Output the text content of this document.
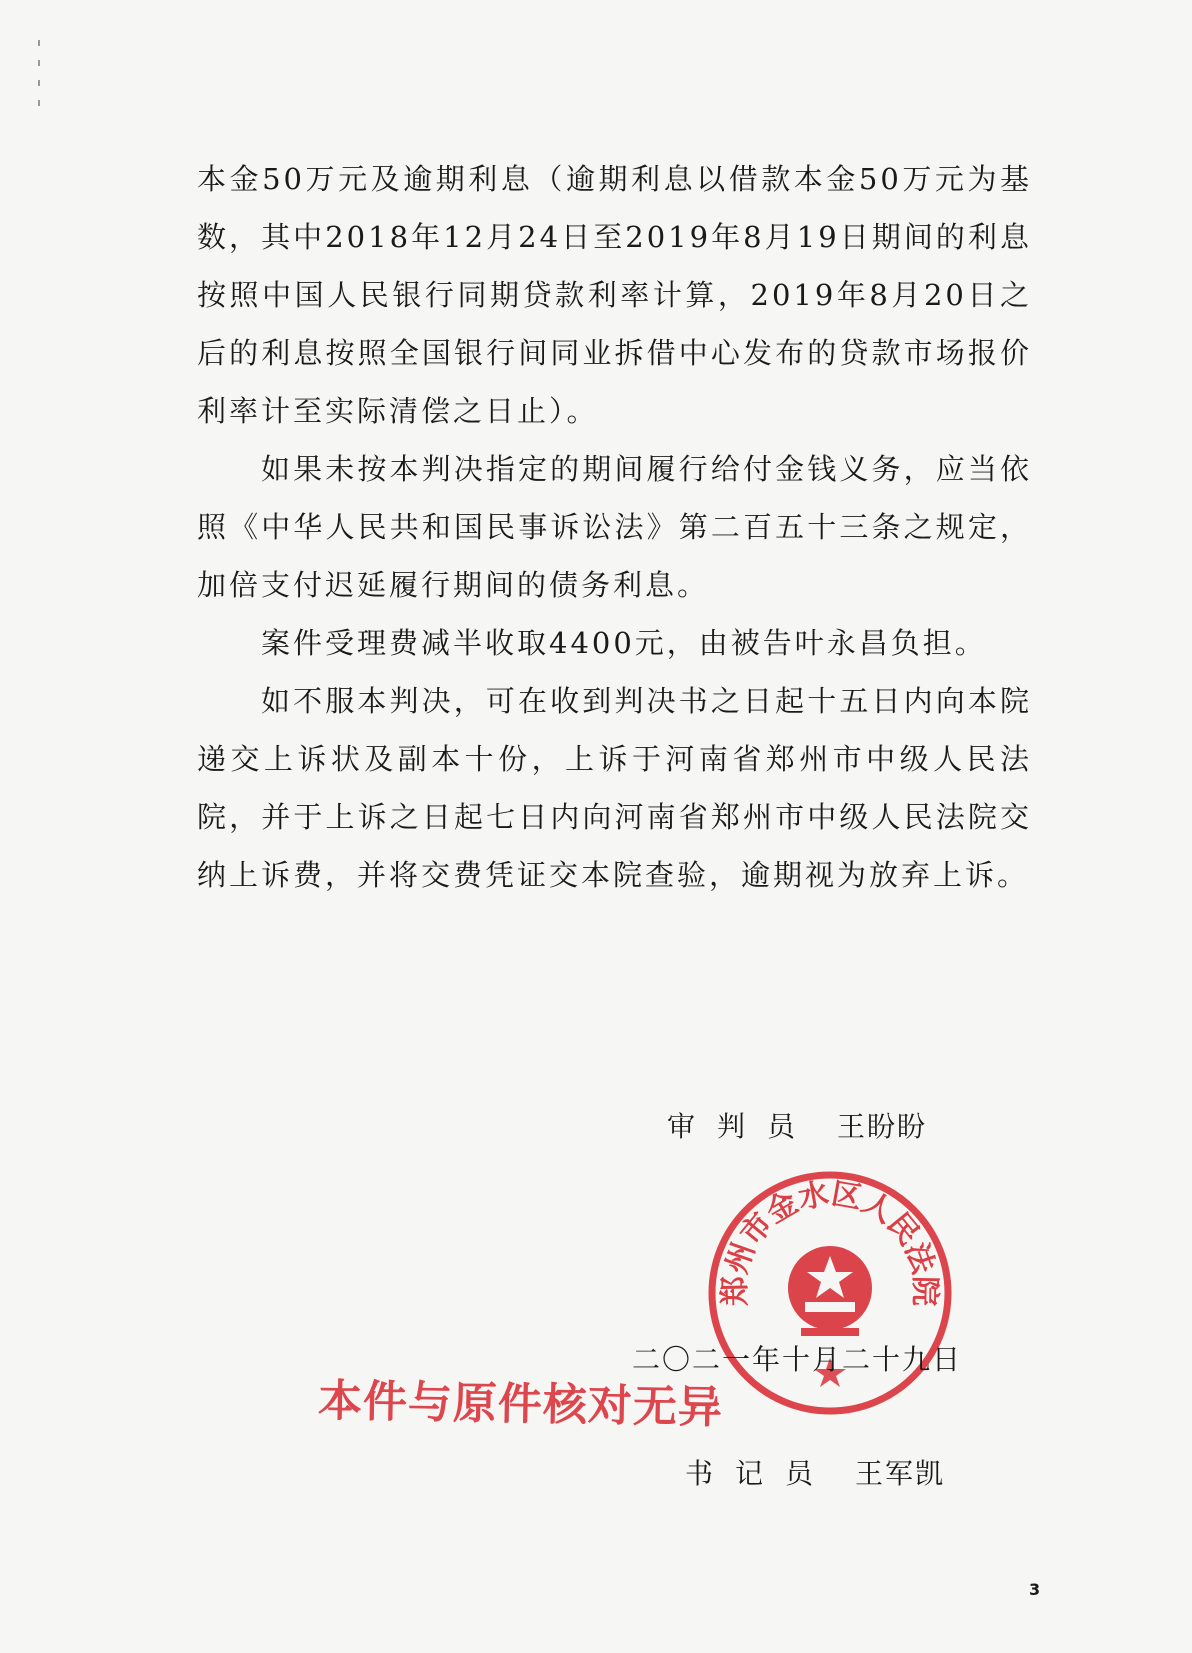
本金50万元及逾期利息（逾期利息以借款本金50万元为基数，其中2018年12月24日至2019年8月19日期间的利息按照中国人民银行同期贷款利率计算，2019年8月20日之后的利息按照全国银行间同业拆借中心发布的贷款市场报价利率计至实际清偿之日止）。

如果未按本判决指定的期间履行给付金钱义务，应当依照《中华人民共和国民事诉讼法》第二百五十三条之规定，加倍支付迟延履行期间的债务利息。

案件受理费减半收取4400元，由被告叶永昌负担。

如不服本判决，可在收到判决书之日起十五日内向本院递交上诉状及副本十份，上诉于河南省郑州市中级人民法院，并于上诉之日起七日内向河南省郑州市中级人民法院交纳上诉费，并将交费凭证交本院查验，逾期视为放弃上诉。

审判员 王盼盼
郑州市金水区人民法院
二〇二一年十月二十九日
本件与原件核对无异
书记员 王军凯
3
